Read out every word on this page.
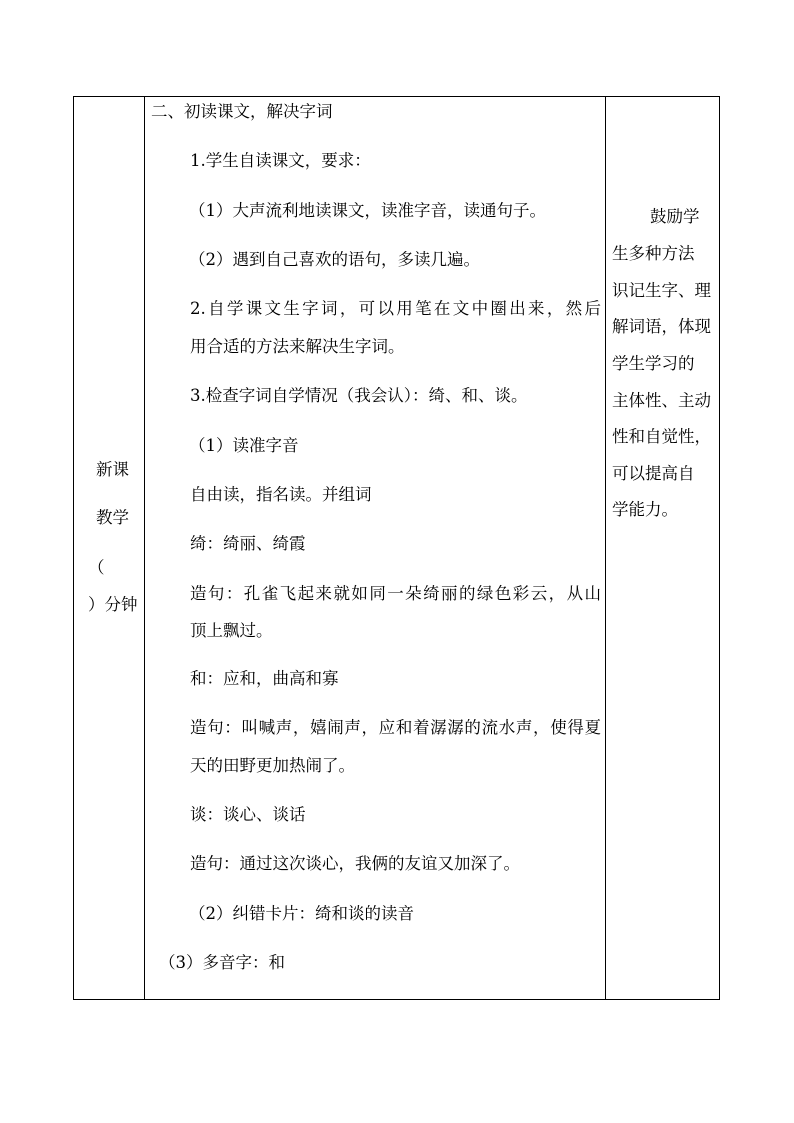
新课
教学
（
）分钟
二、初读课文，解决字词
1.学生自读课文，要求：
（1）大声流利地读课文，读准字音，读通句子。
（2）遇到自己喜欢的语句，多读几遍。
2.自学课文生字词，可以用笔在文中圈出来，然后
用合适的方法来解决生字词。
3.检查字词自学情况（我会认）：绮、和、谈。
（1）读准字音
自由读，指名读。并组词
绮：绮丽、绮霞
造句：孔雀飞起来就如同一朵绮丽的绿色彩云，从山
顶上飘过。
和：应和，曲高和寡
造句：叫喊声，嬉闹声，应和着潺潺的流水声，使得夏
天的田野更加热闹了。
谈：谈心、谈话
造句：通过这次谈心，我俩的友谊又加深了。
（2）纠错卡片：绮和谈的读音
（3）多音字：和
鼓励学
生多种方法
识记生字、理
解词语，体现
学生学习的
主体性、主动
性和自觉性，
可以提高自
学能力。
